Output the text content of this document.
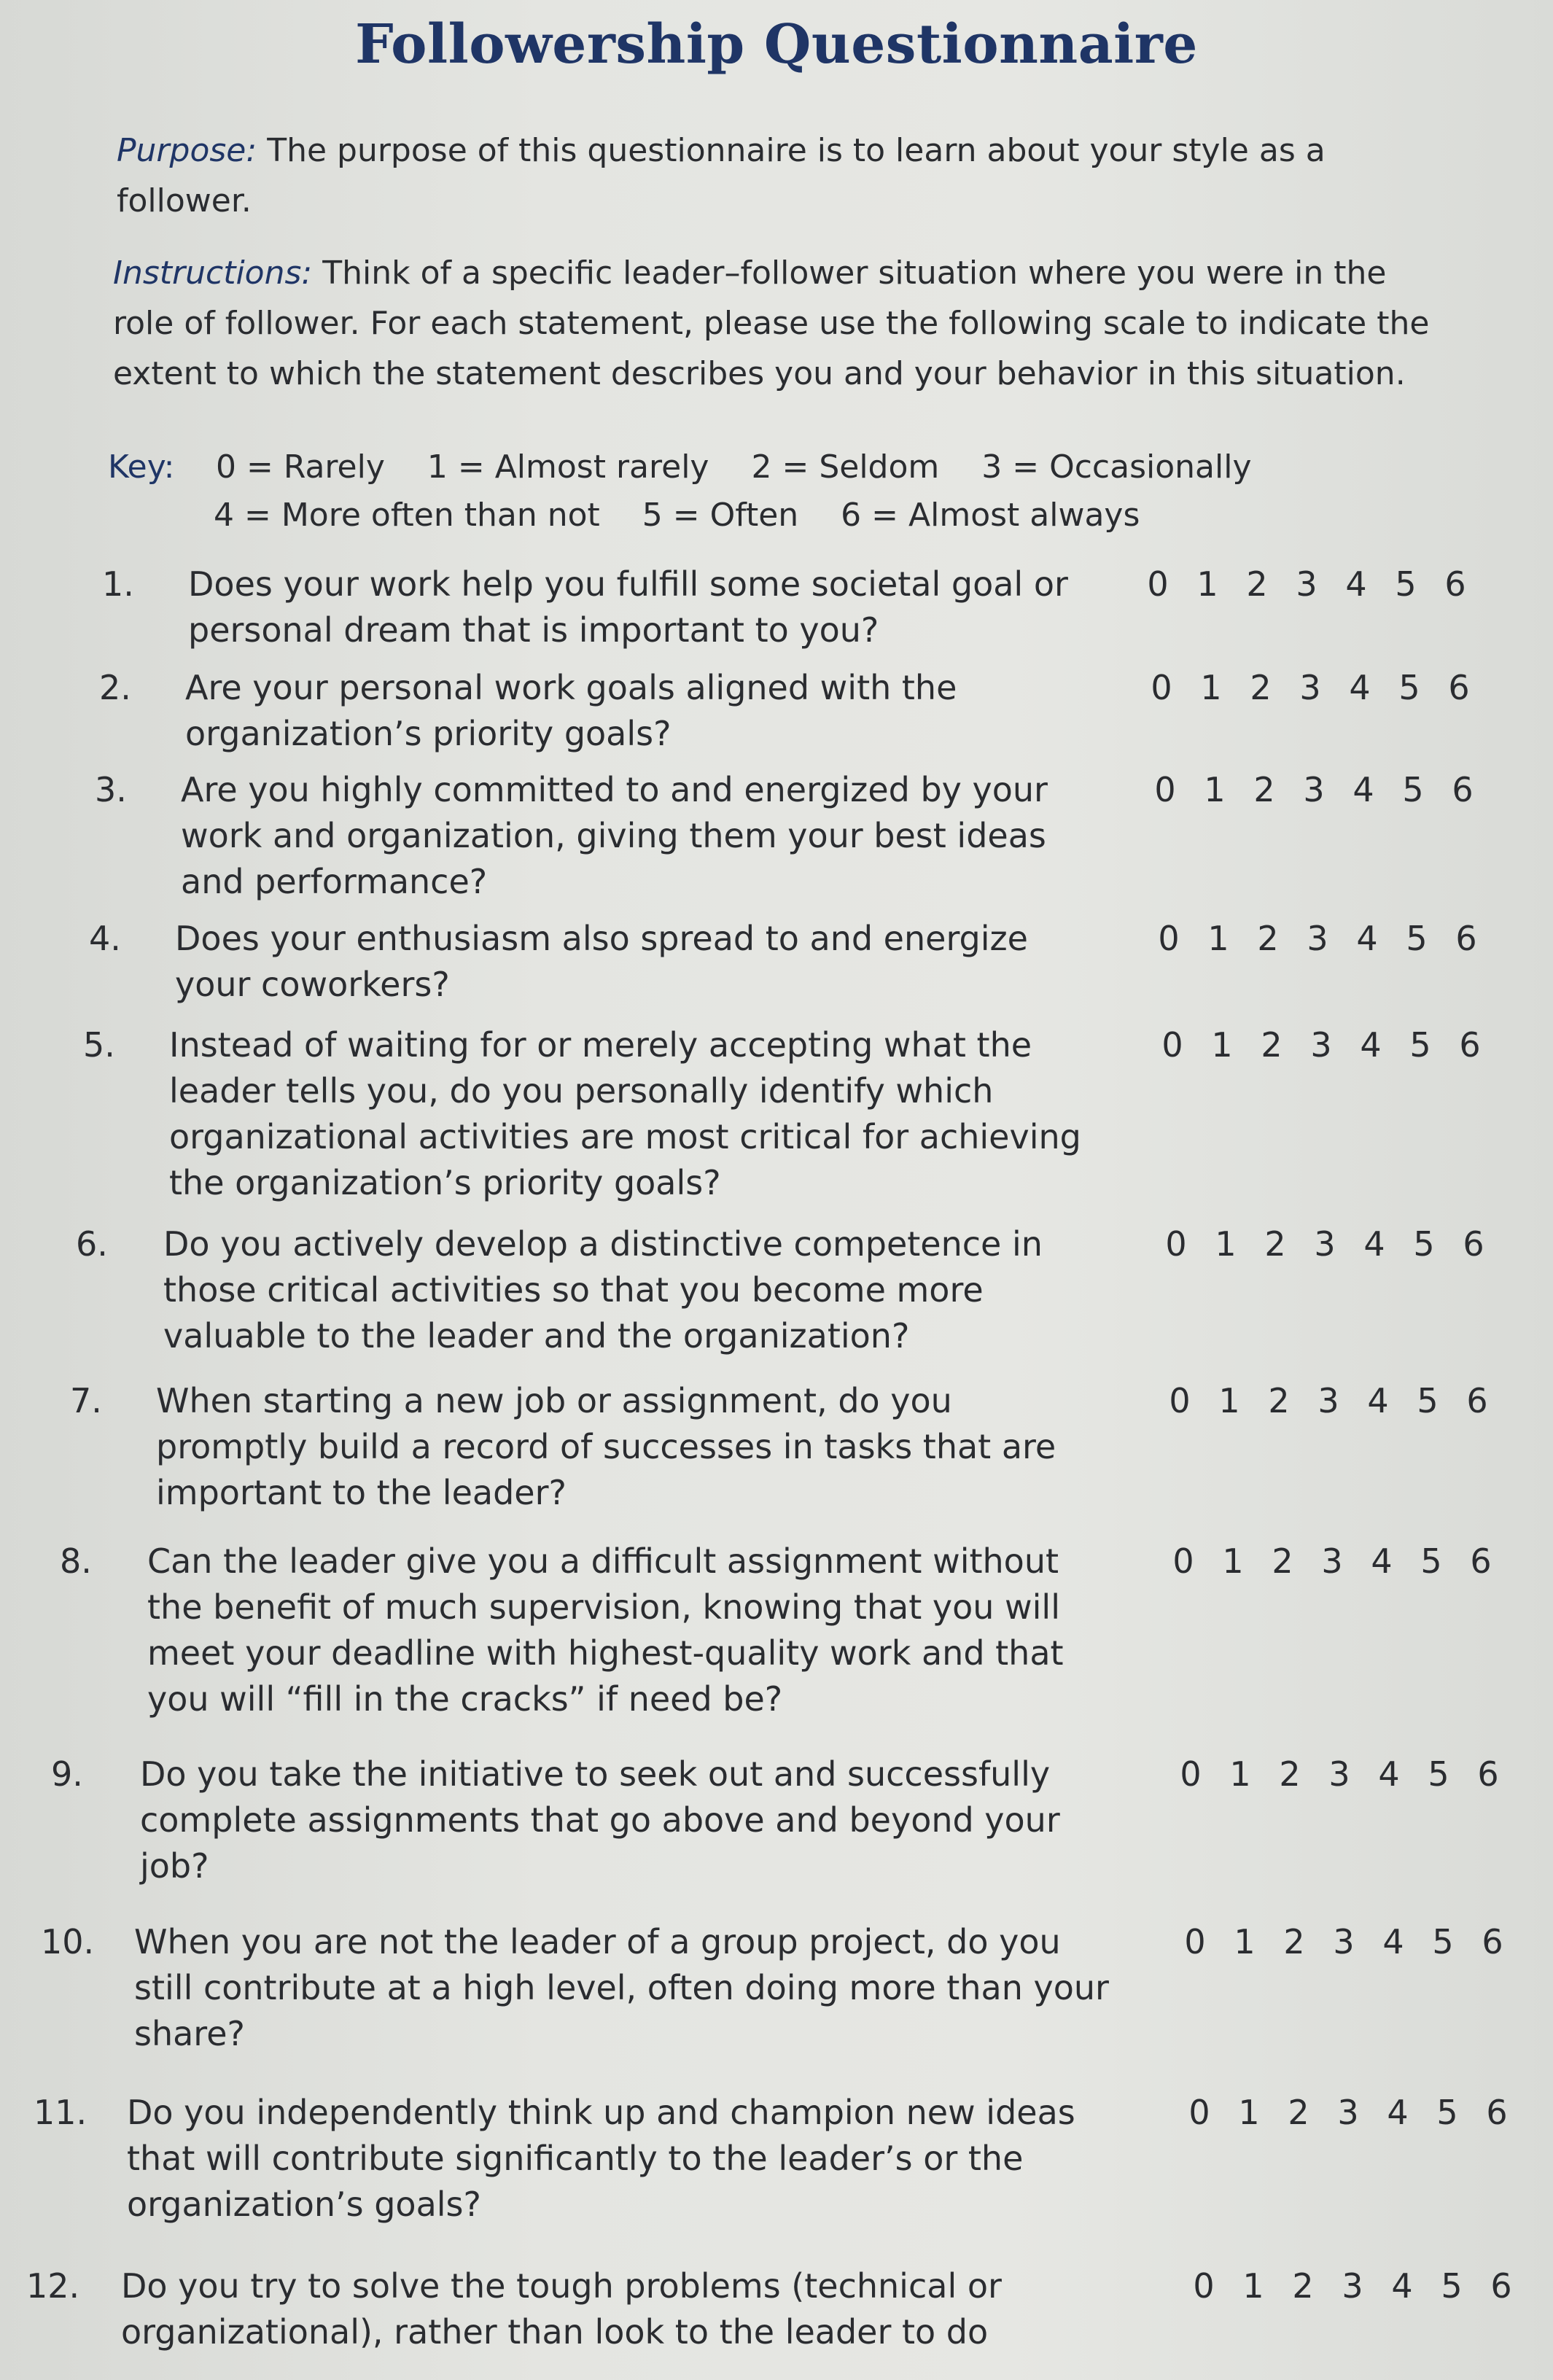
Followership Questionnaire
Purpose: The purpose of this questionnaire is to learn about your style as a follower.
Instructions: Think of a specific leader–follower situation where you were in the role of follower. For each statement, please use the following scale to indicate the extent to which the statement describes you and your behavior in this situation.
Key: 0 = Rarely 1 = Almost rarely 2 = Seldom 3 = Occasionally
4 = More often than not 5 = Often 6 = Almost always
1. Does your work help you fulfill some societal goal or personal dream that is important to you?
0 1 2 3 4 5 6
2. Are your personal work goals aligned with the organization’s priority goals?
0 1 2 3 4 5 6
3. Are you highly committed to and energized by your work and organization, giving them your best ideas and performance?
0 1 2 3 4 5 6
4. Does your enthusiasm also spread to and energize your coworkers?
0 1 2 3 4 5 6
5. Instead of waiting for or merely accepting what the leader tells you, do you personally identify which organizational activities are most critical for achieving the organization’s priority goals?
0 1 2 3 4 5 6
6. Do you actively develop a distinctive competence in those critical activities so that you become more valuable to the leader and the organization?
0 1 2 3 4 5 6
7. When starting a new job or assignment, do you promptly build a record of successes in tasks that are important to the leader?
0 1 2 3 4 5 6
8. Can the leader give you a difficult assignment without the benefit of much supervision, knowing that you will meet your deadline with highest-quality work and that you will “fill in the cracks” if need be?
0 1 2 3 4 5 6
9. Do you take the initiative to seek out and successfully complete assignments that go above and beyond your job?
0 1 2 3 4 5 6
10. When you are not the leader of a group project, do you still contribute at a high level, often doing more than your share?
0 1 2 3 4 5 6
11. Do you independently think up and champion new ideas that will contribute significantly to the leader’s or the organization’s goals?
0 1 2 3 4 5 6
12. Do you try to solve the tough problems (technical or organizational), rather than look to the leader to do
0 1 2 3 4 5 6
